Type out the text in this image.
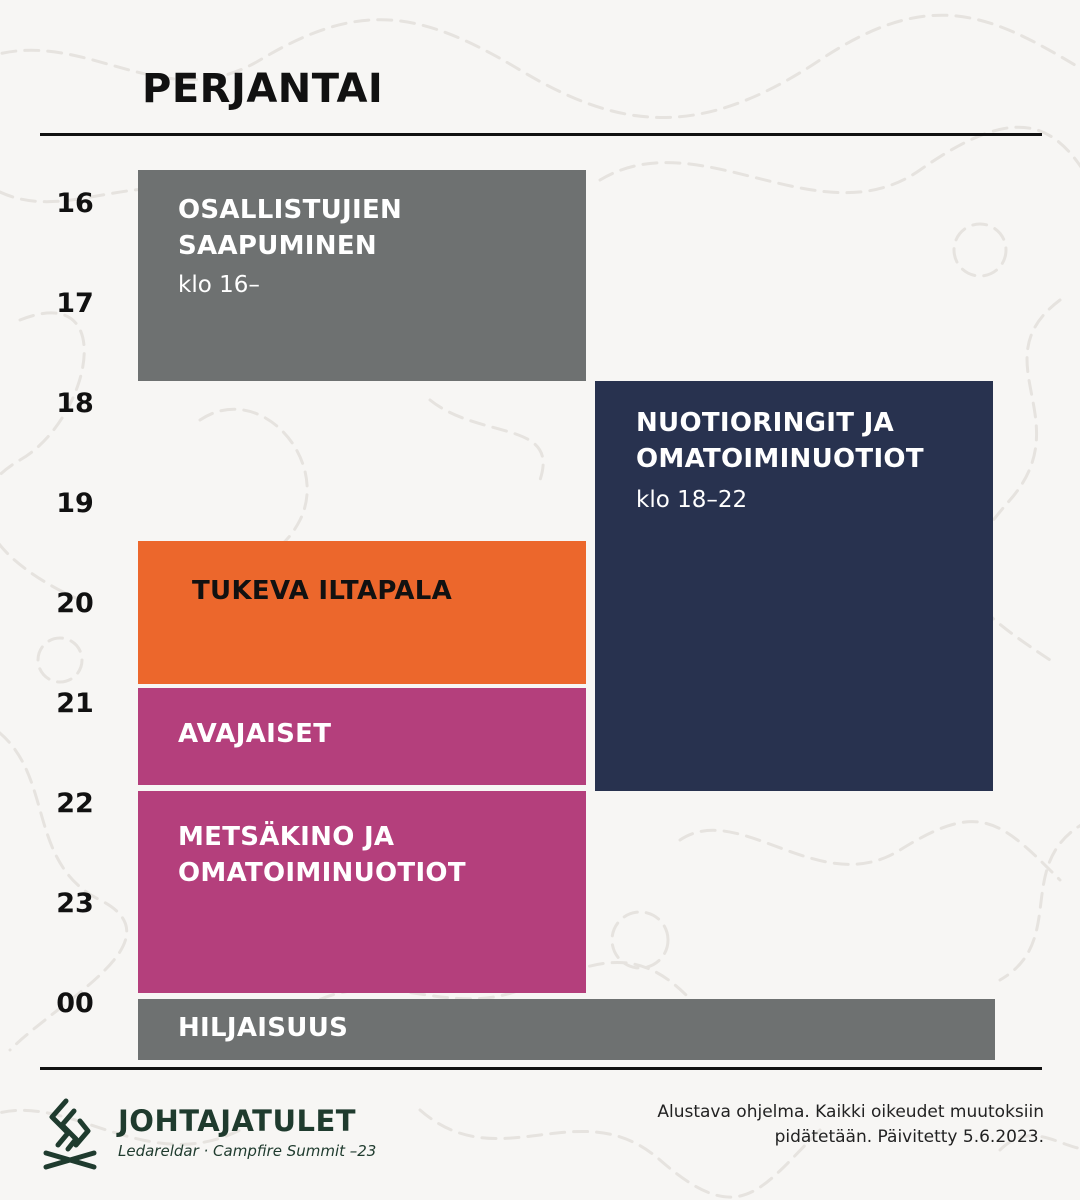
PERJANTAI
16
17
18
19
20
21
22
23
00
OSALLISTUJIEN
SAAPUMINEN
klo 16–
NUOTIORINGIT JA
OMATOIMINUOTIOT
klo 18–22
TUKEVA ILTAPALA
AVAJAISET
METSÄKINO JA
OMATOIMINUOTIOT
HILJAISUUS
JOHTAJATULET
Ledareldar · Campfire Summit –23
Alustava ohjelma. Kaikki oikeudet muutoksiin pidätetään. Päivitetty 5.6.2023.
